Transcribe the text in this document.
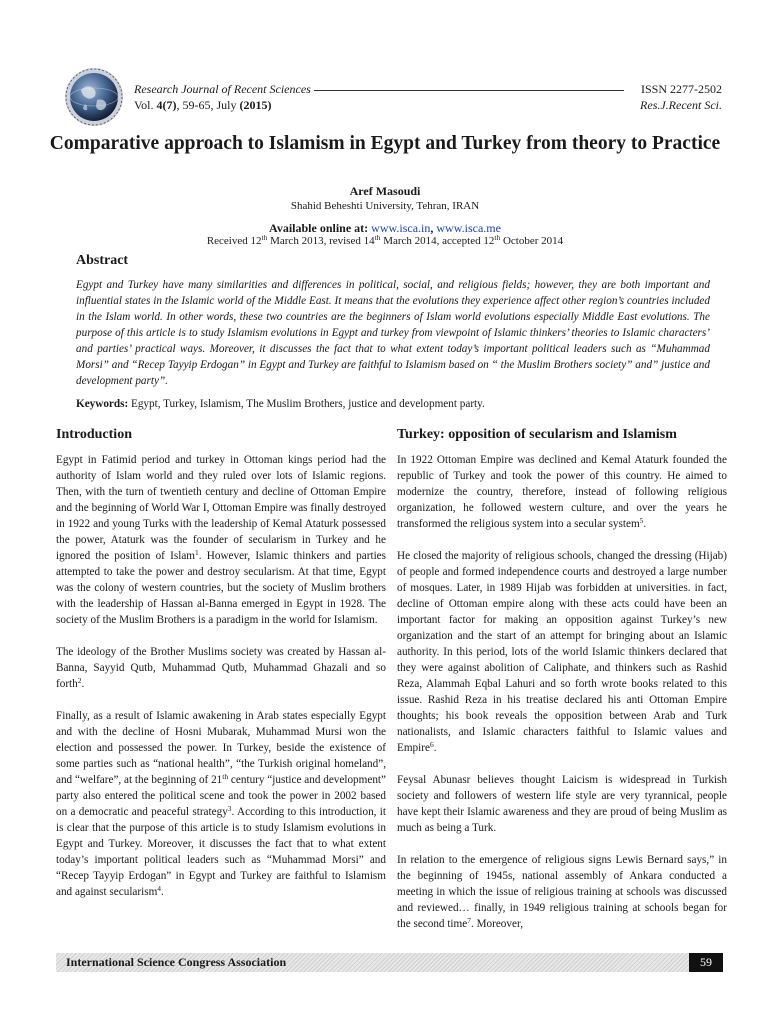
Research Journal of Recent Sciences
Vol. 4(7), 59-65, July (2015)
ISSN 2277-2502
Res.J.Recent Sci.
Comparative approach to Islamism in Egypt and Turkey from theory to Practice
Aref Masoudi
Shahid Beheshti University, Tehran, IRAN
Available online at: www.isca.in, www.isca.me
Received 12th March 2013, revised 14th March 2014, accepted 12th October 2014
Abstract
Egypt and Turkey have many similarities and differences in political, social, and religious fields; however, they are both important and influential states in the Islamic world of the Middle East. It means that the evolutions they experience affect other region’s countries included in the Islam world. In other words, these two countries are the beginners of Islam world evolutions especially Middle East evolutions. The purpose of this article is to study Islamism evolutions in Egypt and turkey from viewpoint of Islamic thinkers’ theories to Islamic characters’ and parties’ practical ways. Moreover, it discusses the fact that to what extent today’s important political leaders such as “Muhammad Morsi” and “Recep Tayyip Erdogan” in Egypt and Turkey are faithful to Islamism based on “ the Muslim Brothers society” and” justice and development party”.
Keywords: Egypt, Turkey, Islamism, The Muslim Brothers, justice and development party.
Introduction

Egypt in Fatimid period and turkey in Ottoman kings period had the authority of Islam world and they ruled over lots of Islamic regions. Then, with the turn of twentieth century and decline of Ottoman Empire and the beginning of World War I, Ottoman Empire was finally destroyed in 1922 and young Turks with the leadership of Kemal Ataturk possessed the power, Ataturk was the founder of secularism in Turkey and he ignored the position of Islam$^1$. However, Islamic thinkers and parties attempted to take the power and destroy secularism. At that time, Egypt was the colony of western countries, but the society of Muslim brothers with the leadership of Hassan al-Banna emerged in Egypt in 1928. The society of the Muslim Brothers is a paradigm in the world for Islamism.

The ideology of the Brother Muslims society was created by Hassan al-Banna, Sayyid Qutb, Muhammad Qutb, Muhammad Ghazali and so forth$^2$.

Finally, as a result of Islamic awakening in Arab states especially Egypt and with the decline of Hosni Mubarak, Muhammad Mursi won the election and possessed the power. In Turkey, beside the existence of some parties such as “national health”, “the Turkish original homeland”, and “welfare”, at the beginning of 21th century “justice and development” party also entered the political scene and took the power in 2002 based on a democratic and peaceful strategy$^3$. According to this introduction, it is clear that the purpose of this article is to study Islamism evolutions in Egypt and Turkey. Moreover, it discusses the fact that to what extent today’s important political leaders such as “Muhammad Morsi” and “Recep Tayyip Erdogan” in Egypt and Turkey are faithful to Islamism and against secularism$^4$.

Turkey: opposition of secularism and Islamism

In 1922 Ottoman Empire was declined and Kemal Ataturk founded the republic of Turkey and took the power of this country. He aimed to modernize the country, therefore, instead of following religious organization, he followed western culture, and over the years he transformed the religious system into a secular system$^5$.

He closed the majority of religious schools, changed the dressing (Hijab) of people and formed independence courts and destroyed a large number of mosques. Later, in 1989 Hijab was forbidden at universities. in fact, decline of Ottoman empire along with these acts could have been an important factor for making an opposition against Turkey’s new organization and the start of an attempt for bringing about an Islamic authority. In this period, lots of the world Islamic thinkers declared that they were against abolition of Caliphate, and thinkers such as Rashid Reza, Alammah Eqbal Lahuri and so forth wrote books related to this issue. Rashid Reza in his treatise declared his anti Ottoman Empire thoughts; his book reveals the opposition between Arab and Turk nationalists, and Islamic characters faithful to Islamic values and Empire$^6$.

Feysal Abunasr believes thought Laicism is widespread in Turkish society and followers of western life style are very tyrannical, people have kept their Islamic awareness and they are proud of being Muslim as much as being a Turk.

In relation to the emergence of religious signs Lewis Bernard says,” in the beginning of 1945s, national assembly of Ankara conducted a meeting in which the issue of religious training at schools was discussed and reviewed… finally, in 1949 religious training at schools began for the second time$^7$. Moreover,

International Science Congress Association	59
